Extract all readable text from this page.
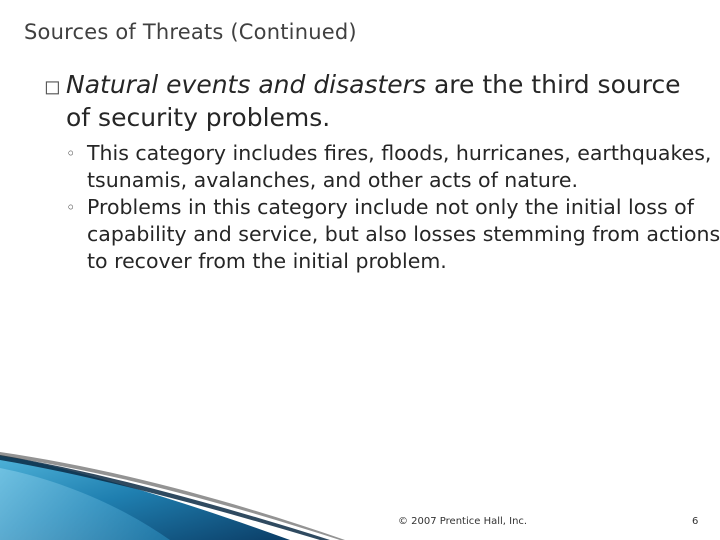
Sources of Threats (Continued)
◻ Natural events and disasters are the third source of security problems.
◦ This category includes fires, floods, hurricanes, earthquakes, tsunamis, avalanches, and other acts of nature.
◦ Problems in this category include not only the initial loss of capability and service, but also losses stemming from actions to recover from the initial problem.
© 2007 Prentice Hall, Inc.	6
